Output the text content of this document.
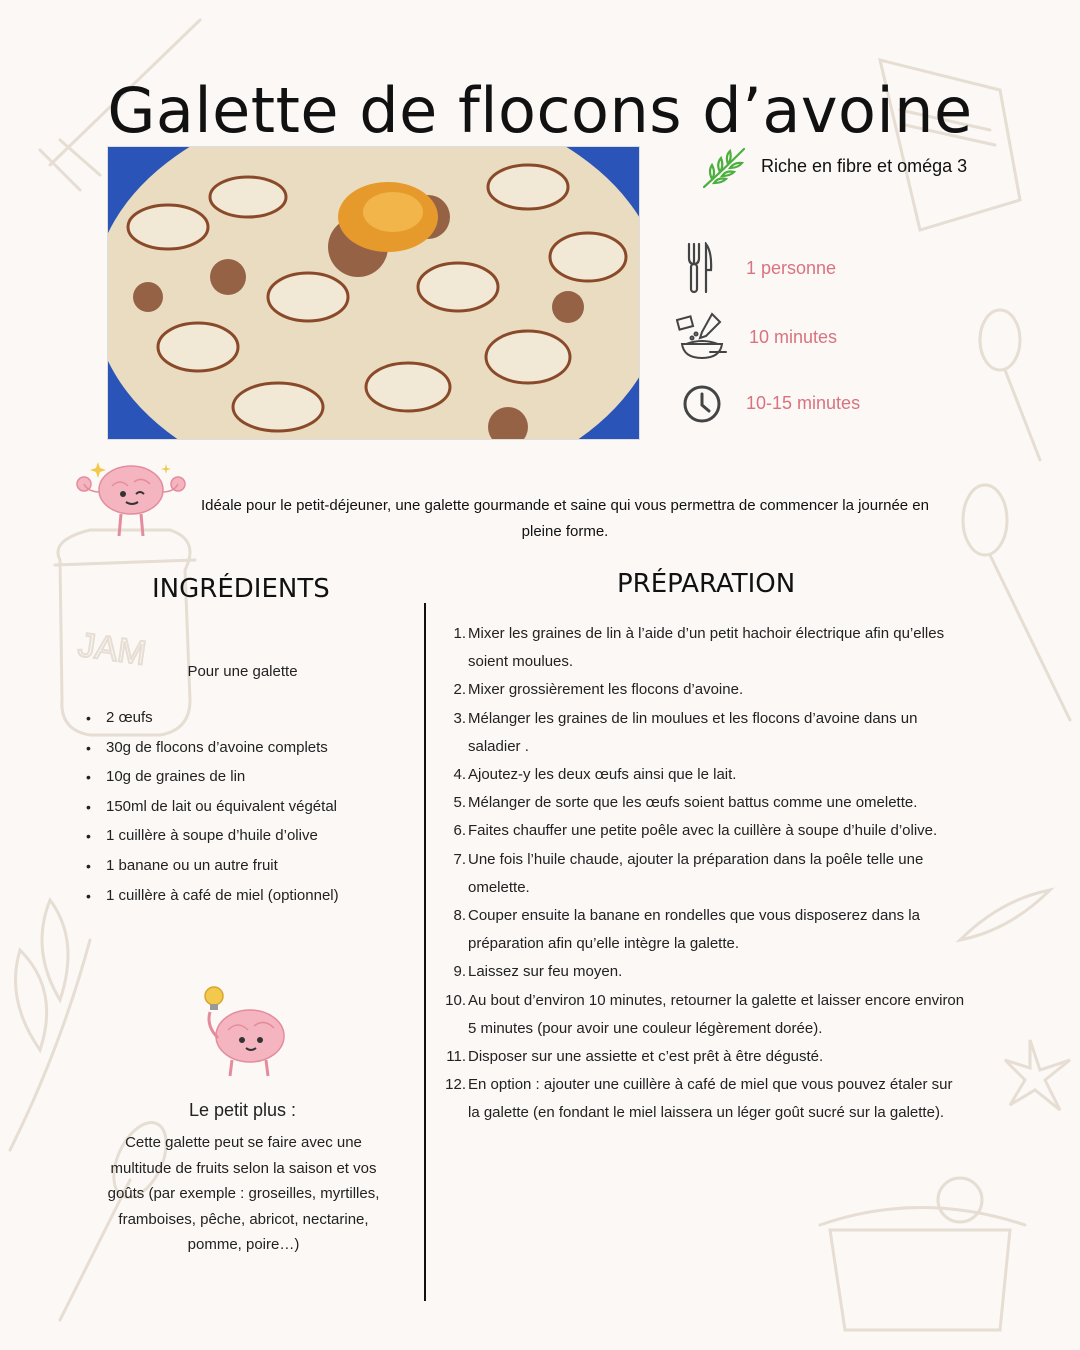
JAM
Galette de flocons d’avoine
Riche en fibre et oméga 3
1 personne
10 minutes
10-15 minutes

Idéale pour le petit-déjeuner, une galette gourmande et saine qui vous permettra de commencer la journée en pleine forme.

INGRÉDIENTS
Pour une galette
• 2 œufs
• 30g de flocons d’avoine complets
• 10g de graines de lin
• 150ml de lait ou équivalent végétal
• 1 cuillère à soupe d’huile d’olive
• 1 banane ou un autre fruit
• 1 cuillère à café de miel (optionnel)
PRÉPARATION
1. Mixer les graines de lin à l’aide d’un petit hachoir électrique afin qu’elles soient moulues.
2. Mixer grossièrement les flocons d’avoine.
3. Mélanger les graines de lin moulues et les flocons d’avoine dans un saladier .
4. Ajoutez-y les deux œufs ainsi que le lait.
5. Mélanger de sorte que les œufs soient battus comme une omelette.
6. Faites chauffer une petite poêle avec la cuillère à soupe d’huile d’olive.
7. Une fois l’huile chaude, ajouter la préparation dans la poêle telle une omelette.
8. Couper ensuite la banane en rondelles que vous disposerez dans la préparation afin qu’elle intègre la galette.
9. Laissez sur feu moyen.
10. Au bout d’environ 10 minutes, retourner la galette et laisser encore environ 5 minutes (pour avoir une couleur légèrement dorée).
11. Disposer sur une assiette et c’est prêt à être dégusté.
12. En option : ajouter une cuillère à café de miel que vous pouvez étaler sur la galette (en fondant le miel laissera un léger goût sucré sur la galette).
Le petit plus :
Cette galette peut se faire avec une multitude de fruits selon la saison et vos goûts (par exemple : groseilles, myrtilles, framboises, pêche, abricot, nectarine, pomme, poire…)
